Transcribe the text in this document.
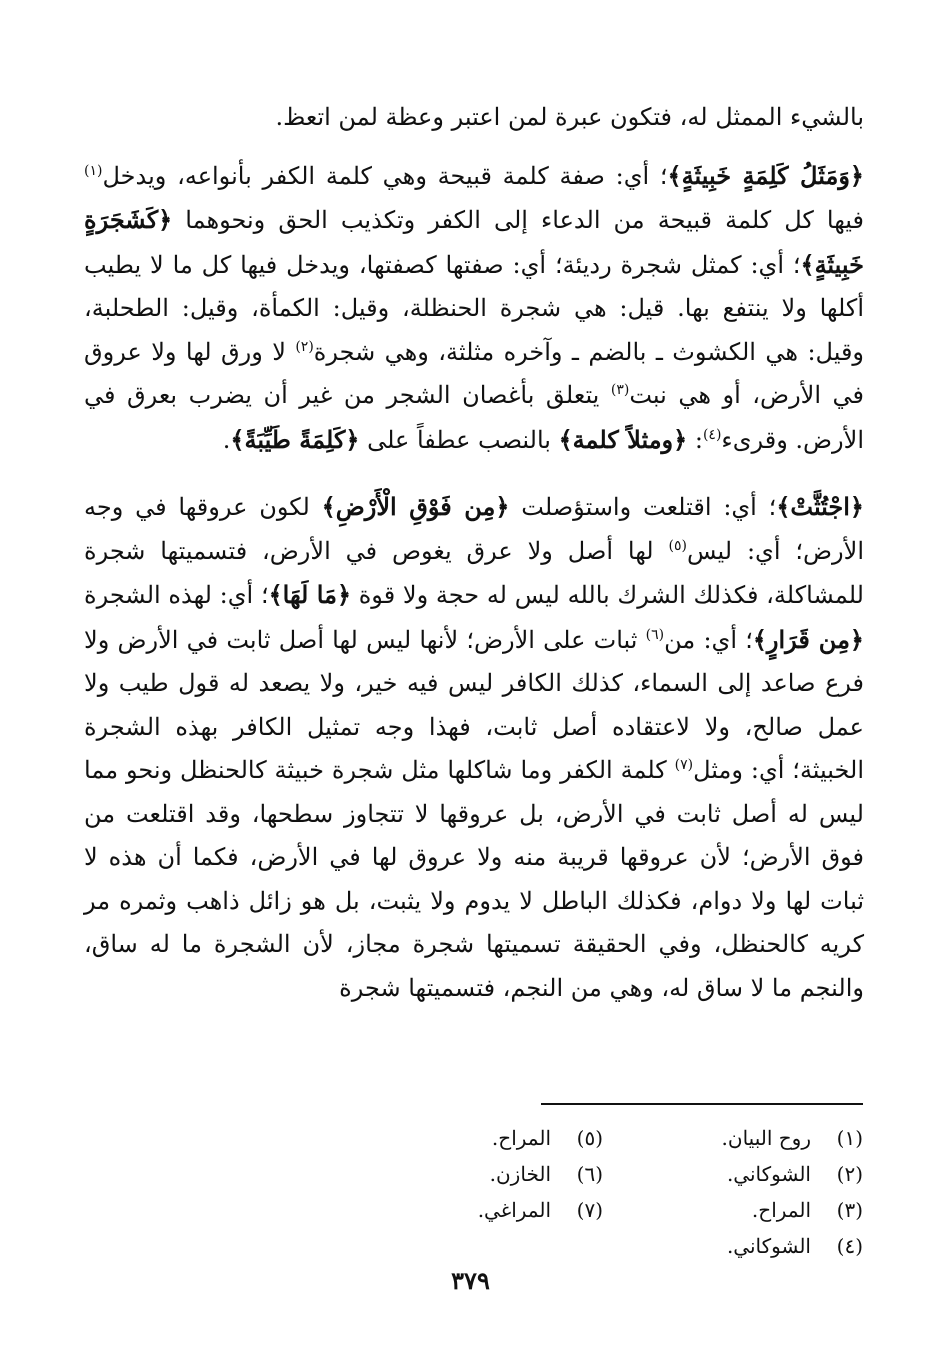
بالشيء الممثل له، فتكون عبرة لمن اعتبر وعظة لمن اتعظ.

﴿وَمَثَلُ كَلِمَةٍ خَبِيثَةٍ﴾؛ أي: صفة كلمة قبيحة وهي كلمة الكفر بأنواعه، ويدخل$^{(١)}$ فيها كل كلمة قبيحة من الدعاء إلى الكفر وتكذيب الحق ونحوهما ﴿كَشَجَرَةٍ خَبِيثَةٍ﴾؛ أي: كمثل شجرة رديئة؛ أي: صفتها كصفتها، ويدخل فيها كل ما لا يطيب أكلها ولا ينتفع بها. قيل: هي شجرة الحنظلة، وقيل: الكمأة، وقيل: الطحلبة، وقيل: هي الكشوث ـ بالضم ـ وآخره مثلثة، وهي شجرة$^{(٢)}$ لا ورق لها ولا عروق في الأرض، أو هي نبت$^{(٣)}$ يتعلق بأغصان الشجر من غير أن يضرب بعرق في الأرض. وقرىء$^{(٤)}$: ﴿ومثلاً كلمة﴾ بالنصب عطفاً على ﴿كَلِمَةً طَيِّبَةً﴾.

﴿اجْتُثَّتْ﴾؛ أي: اقتلعت واستؤصلت ﴿مِن فَوْقِ الْأَرْضِ﴾ لكون عروقها في وجه الأرض؛ أي: ليس$^{(٥)}$ لها أصل ولا عرق يغوص في الأرض، فتسميتها شجرة للمشاكلة، فكذلك الشرك بالله ليس له حجة ولا قوة ﴿مَا لَهَا﴾؛ أي: لهذه الشجرة ﴿مِن قَرَارٍ﴾؛ أي: من$^{(٦)}$ ثبات على الأرض؛ لأنها ليس لها أصل ثابت في الأرض ولا فرع صاعد إلى السماء، كذلك الكافر ليس فيه خير، ولا يصعد له قول طيب ولا عمل صالح، ولا لاعتقاده أصل ثابت، فهذا وجه تمثيل الكافر بهذه الشجرة الخبيثة؛ أي: ومثل$^{(٧)}$ كلمة الكفر وما شاكلها مثل شجرة خبيثة كالحنظل ونحو مما ليس له أصل ثابت في الأرض، بل عروقها لا تتجاوز سطحها، وقد اقتلعت من فوق الأرض؛ لأن عروقها قريبة منه ولا عروق لها في الأرض، فكما أن هذه لا ثبات لها ولا دوام، فكذلك الباطل لا يدوم ولا يثبت، بل هو زائل ذاهب وثمره مر كريه كالحنظل، وفي الحقيقة تسميتها شجرة مجاز، لأن الشجرة ما له ساق، والنجم ما لا ساق له، وهي من النجم، فتسميتها شجرة

(١)روح البيان.
(٢)الشوكاني.
(٣)المراح.
(٤)الشوكاني.
(٥)المراح.
(٦)الخازن.
(٧)المراغي.
٣٧٩
